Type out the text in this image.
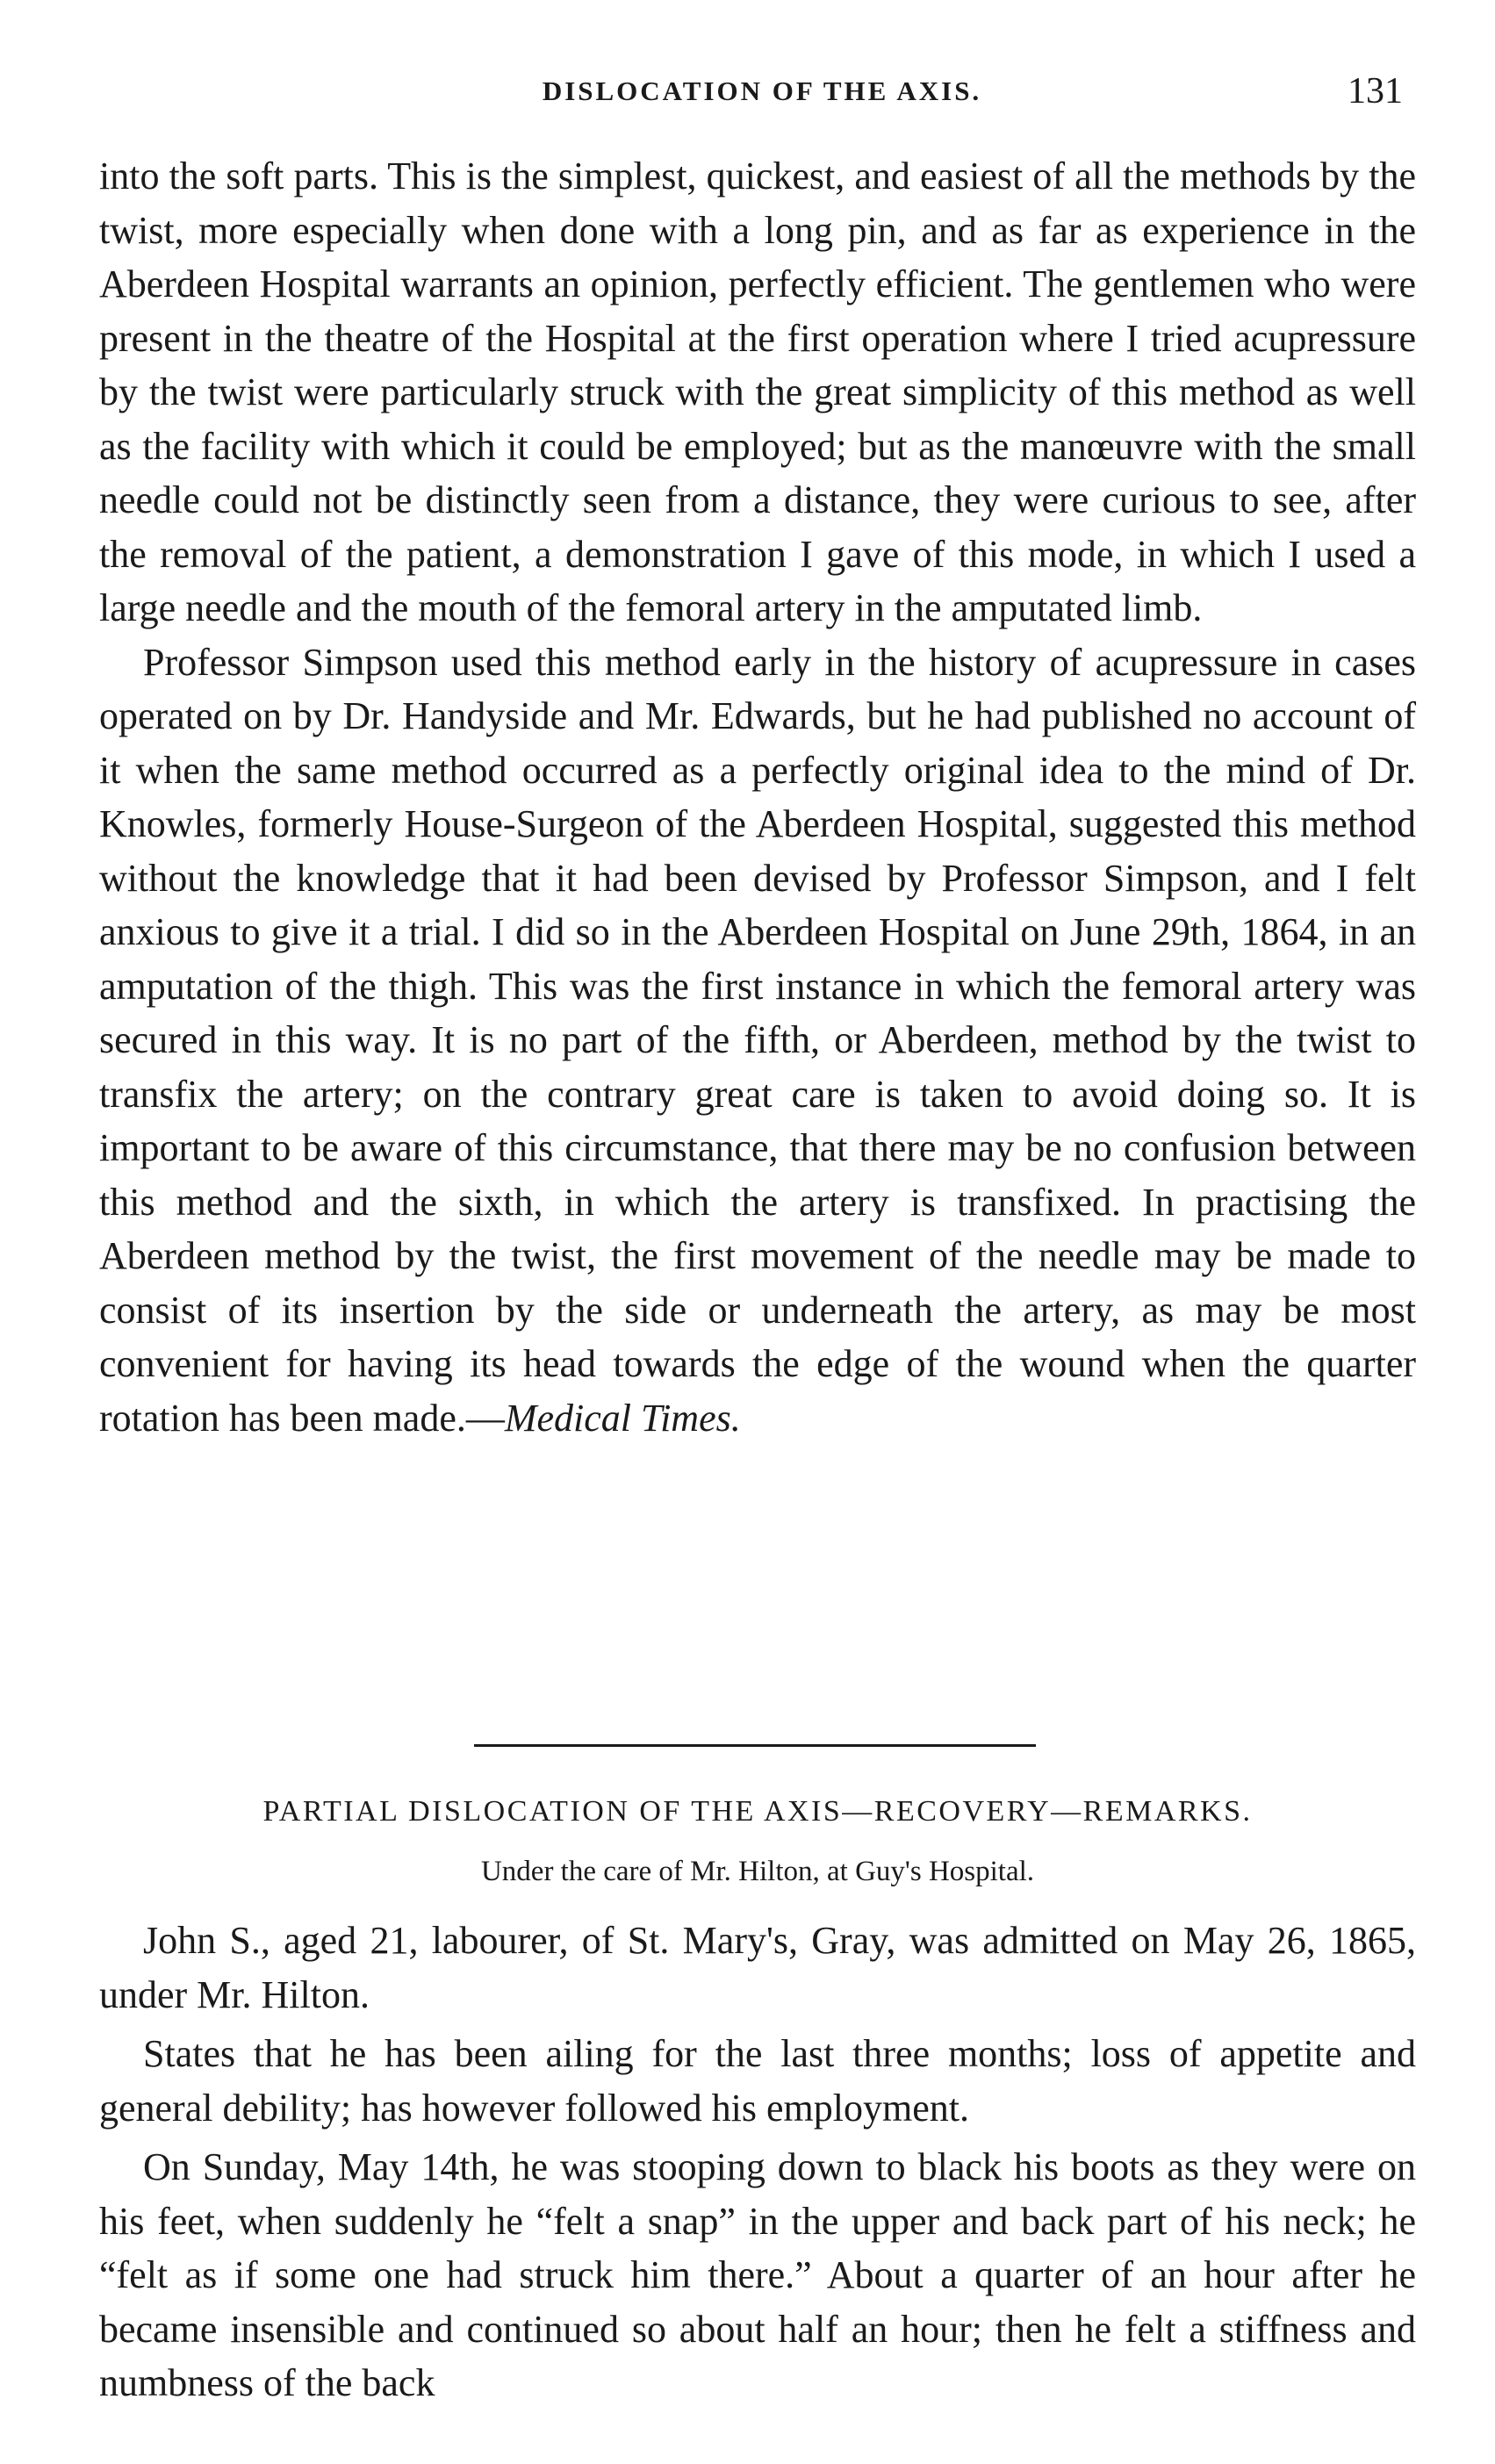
DISLOCATION OF THE AXIS.	131

into the soft parts. This is the simplest, quickest, and easiest of all the methods by the twist, more especially when done with a long pin, and as far as experience in the Aberdeen Hospital warrants an opinion, perfectly efficient. The gentlemen who were present in the theatre of the Hospital at the first operation where I tried acupressure by the twist were particularly struck with the great simplicity of this method as well as the facility with which it could be employed; but as the manœuvre with the small needle could not be distinctly seen from a distance, they were curious to see, after the removal of the patient, a demonstration I gave of this mode, in which I used a large needle and the mouth of the femoral artery in the amputated limb.

Professor Simpson used this method early in the history of acupressure in cases operated on by Dr. Handyside and Mr. Edwards, but he had published no account of it when the same method occurred as a perfectly original idea to the mind of Dr. Knowles, formerly House-Surgeon of the Aberdeen Hospital, suggested this method without the knowledge that it had been devised by Professor Simpson, and I felt anxious to give it a trial. I did so in the Aberdeen Hospital on June 29th, 1864, in an amputation of the thigh. This was the first instance in which the femoral artery was secured in this way. It is no part of the fifth, or Aberdeen, method by the twist to transfix the artery; on the contrary great care is taken to avoid doing so. It is important to be aware of this circumstance, that there may be no confusion between this method and the sixth, in which the artery is transfixed. In practising the Aberdeen method by the twist, the first movement of the needle may be made to consist of its insertion by the side or underneath the artery, as may be most convenient for having its head towards the edge of the wound when the quarter rotation has been made.—Medical Times.

PARTIAL DISLOCATION OF THE AXIS—RECOVERY—REMARKS.
Under the care of Mr. Hilton, at Guy's Hospital.

John S., aged 21, labourer, of St. Mary's, Gray, was admitted on May 26, 1865, under Mr. Hilton.

States that he has been ailing for the last three months; loss of appetite and general debility; has however followed his employment.

On Sunday, May 14th, he was stooping down to black his boots as they were on his feet, when suddenly he “felt a snap” in the upper and back part of his neck; he “felt as if some one had struck him there.” About a quarter of an hour after he became insensible and continued so about half an hour; then he felt a stiffness and numbness of the back
